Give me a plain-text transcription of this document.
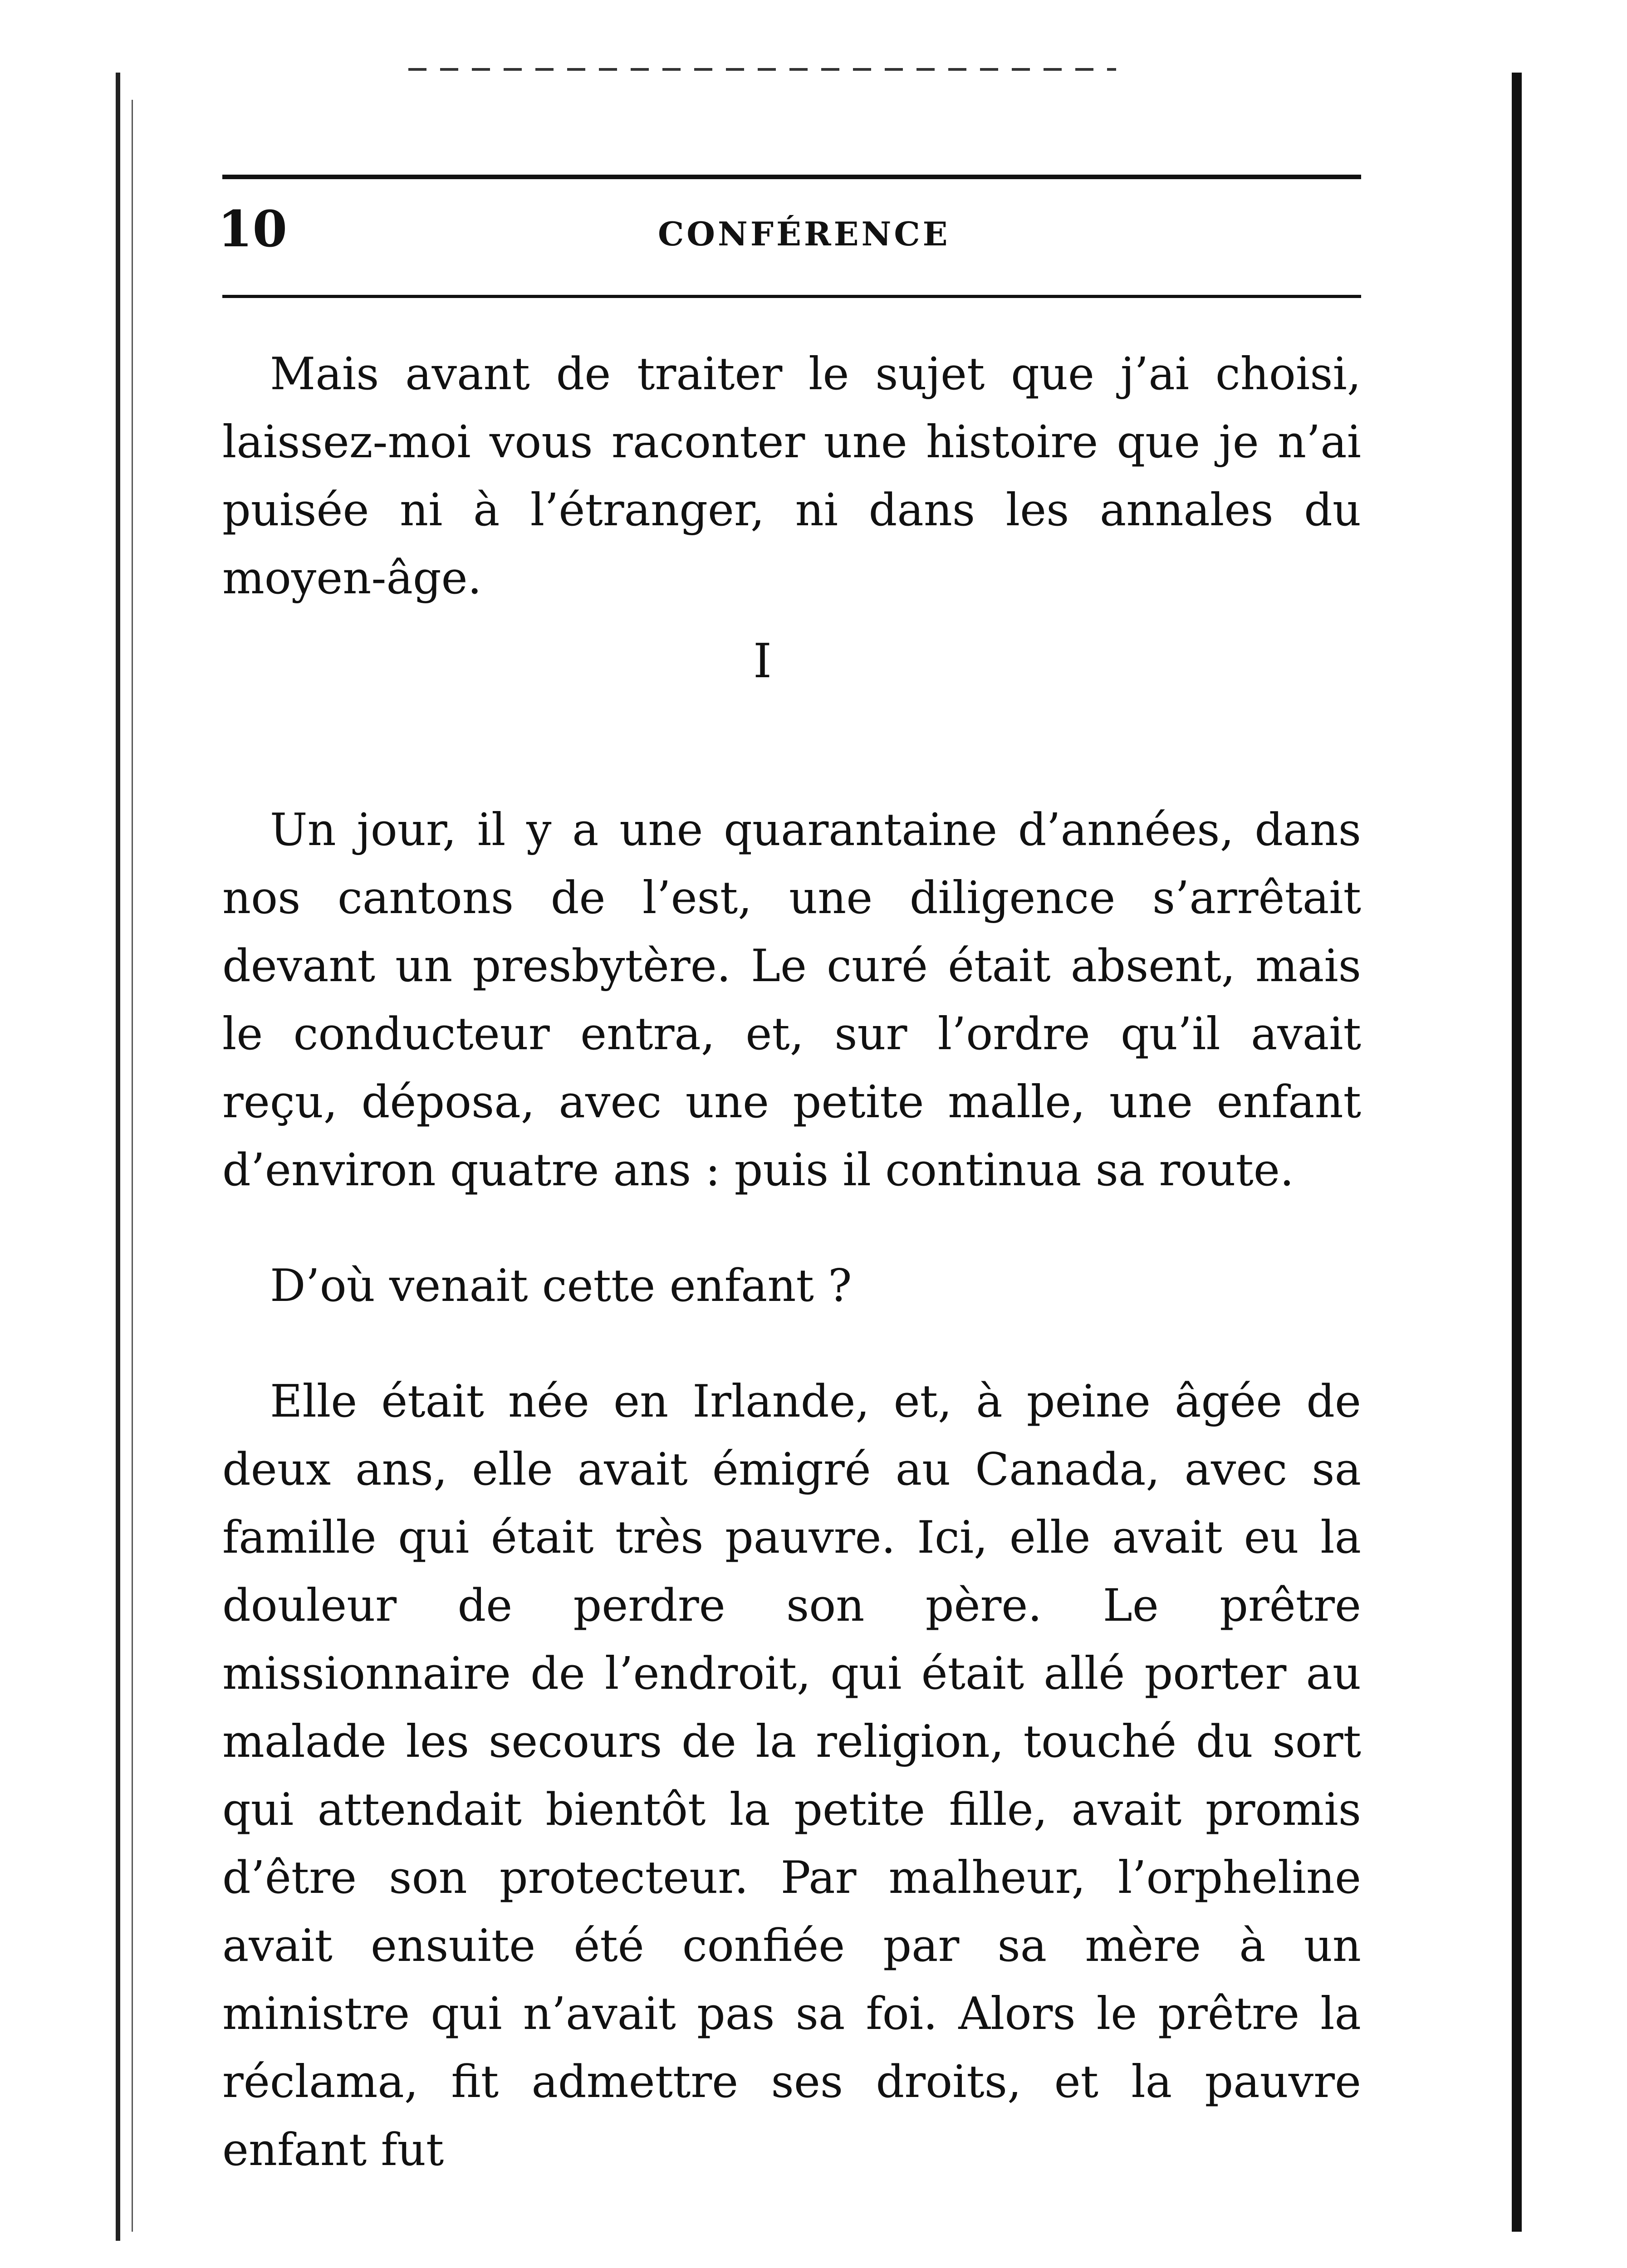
10	CONFÉRENCE

Mais avant de traiter le sujet que j’ai choisi, laissez-moi vous raconter une histoire que je n’ai puisée ni à l’étranger, ni dans les annales du moyen-âge.

I

Un jour, il y a une quarantaine d’années, dans nos cantons de l’est, une diligence s’arrêtait devant un presbytère. Le curé était absent, mais le conducteur entra, et, sur l’ordre qu’il avait reçu, déposa, avec une petite malle, une enfant d’environ quatre ans : puis il continua sa route.

D’où venait cette enfant ?

Elle était née en Irlande, et, à peine âgée de deux ans, elle avait émigré au Canada, avec sa famille qui était très pauvre. Ici, elle avait eu la douleur de perdre son père. Le prêtre missionnaire de l’endroit, qui était allé porter au malade les secours de la religion, touché du sort qui attendait bientôt la petite fille, avait promis d’être son protecteur. Par malheur, l’orpheline avait ensuite été confiée par sa mère à un ministre qui n’avait pas sa foi. Alors le prêtre la réclama, fit admettre ses droits, et la pauvre enfant fut
